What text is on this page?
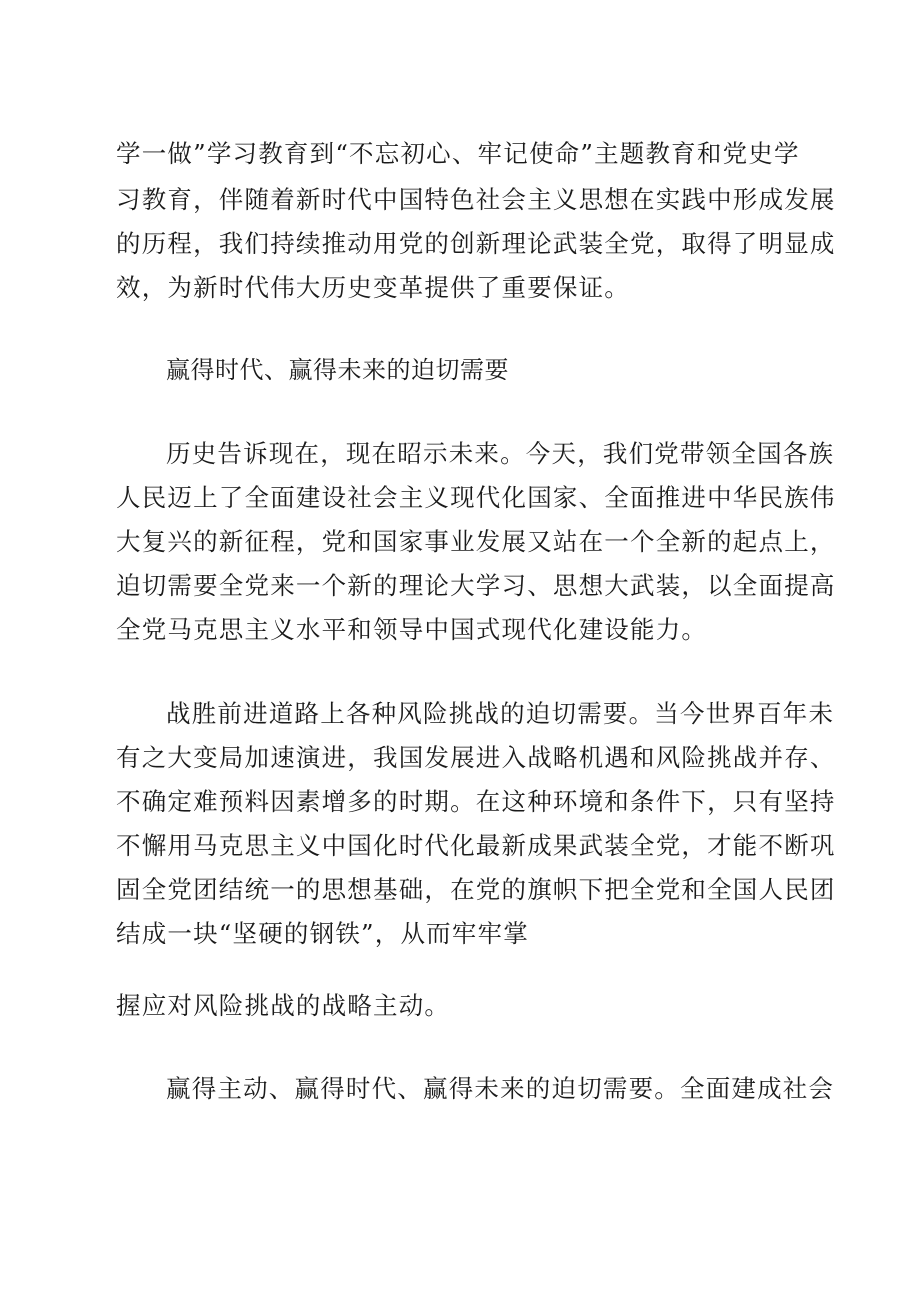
学一做”学习教育到“不忘初心、牢记使命”主题教育和党史学
习教育，伴随着新时代中国特色社会主义思想在实践中形成发展
的历程，我们持续推动用党的创新理论武装全党，取得了明显成
效，为新时代伟大历史变革提供了重要保证。
赢得时代、赢得未来的迫切需要
历史告诉现在，现在昭示未来。今天，我们党带领全国各族
人民迈上了全面建设社会主义现代化国家、全面推进中华民族伟
大复兴的新征程，党和国家事业发展又站在一个全新的起点上，
迫切需要全党来一个新的理论大学习、思想大武装，以全面提高
全党马克思主义水平和领导中国式现代化建设能力。
战胜前进道路上各种风险挑战的迫切需要。当今世界百年未
有之大变局加速演进，我国发展进入战略机遇和风险挑战并存、
不确定难预料因素增多的时期。在这种环境和条件下，只有坚持
不懈用马克思主义中国化时代化最新成果武装全党，才能不断巩
固全党团结统一的思想基础，在党的旗帜下把全党和全国人民团
结成一块“坚硬的钢铁”，从而牢牢掌
握应对风险挑战的战略主动。
赢得主动、赢得时代、赢得未来的迫切需要。全面建成社会
